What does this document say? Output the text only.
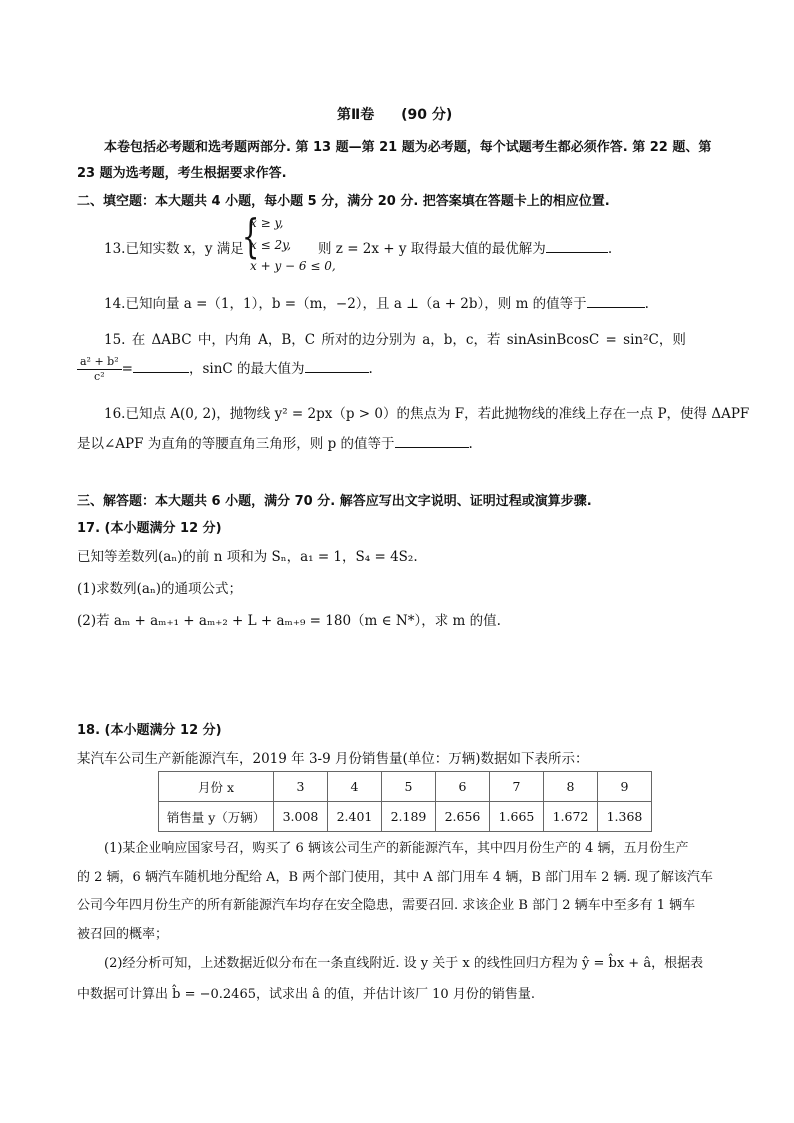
第Ⅱ卷 (90 分)
本卷包括必考题和选考题两部分. 第 13 题—第 21 题为必考题，每个试题考生都必须作答. 第 22 题、第
23 题为选考题，考生根据要求作答.
二、填空题：本大题共 4 小题，每小题 5 分，满分 20 分. 把答案填在答题卡上的相应位置.
13.已知实数 x，y 满足
{
x ≥ y,
x ≤ 2y,
x + y − 6 ≤ 0,
则 z = 2x + y 取得最大值的最优解为	.
14.已知向量 a =（1，1），b =（m，−2），且 a ⊥（a + 2b），则 m 的值等于	.
15. 在 ΔABC 中，内角 A，B，C 所对的边分别为 a，b，c，若 sinAsinBcosC = sin²C，则
$\frac{\text{a² + b²}}{\text{c²}}$ =	，sinC 的最大值为	.
16.已知点 A(0, 2)，抛物线 y² = 2px（p > 0）的焦点为 F，若此抛物线的准线上存在一点 P，使得 ΔAPF
是以∠APF 为直角的等腰直角三角形，则 p 的值等于	.
三、解答题：本大题共 6 小题，满分 70 分. 解答应写出文字说明、证明过程或演算步骤.
17. (本小题满分 12 分)
已知等差数列(aₙ)的前 n 项和为 Sₙ，a₁ = 1，S₄ = 4S₂.
(1)求数列(aₙ)的通项公式；
(2)若 aₘ + aₘ₊₁ + aₘ₊₂ + L + aₘ₊₉ = 180（m ∈ N*），求 m 的值.
18. (本小题满分 12 分)
某汽车公司生产新能源汽车，2019 年 3-9 月份销售量(单位：万辆)数据如下表所示：
月份 x	3	4	5	6	7	8	9
销售量 y（万辆）	3.008	2.401	2.189	2.656	1.665	1.672	1.368
(1)某企业响应国家号召，购买了 6 辆该公司生产的新能源汽车，其中四月份生产的 4 辆，五月份生产
的 2 辆，6 辆汽车随机地分配给 A，B 两个部门使用，其中 A 部门用车 4 辆，B 部门用车 2 辆. 现了解该汽车
公司今年四月份生产的所有新能源汽车均存在安全隐患，需要召回. 求该企业 B 部门 2 辆车中至多有 1 辆车
被召回的概率；
(2)经分析可知，上述数据近似分布在一条直线附近. 设 y 关于 x 的线性回归方程为 ŷ = b̂x + â，根据表
中数据可计算出 b̂ = −0.2465，试求出 â 的值，并估计该厂 10 月份的销售量.
